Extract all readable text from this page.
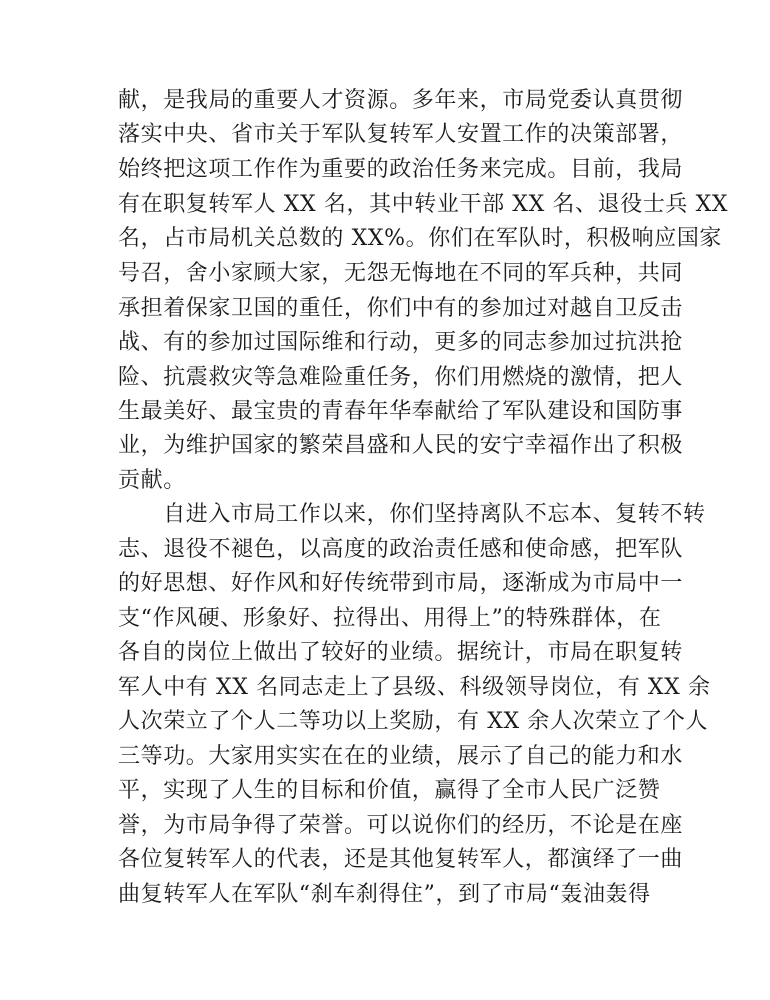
献，是我局的重要人才资源。多年来，市局党委认真贯彻
落实中央、省市关于军队复转军人安置工作的决策部署，
始终把这项工作作为重要的政治任务来完成。目前，我局
有在职复转军人 XX 名，其中转业干部 XX 名、退役士兵 XX
名，占市局机关总数的 XX%。你们在军队时，积极响应国家
号召，舍小家顾大家，无怨无悔地在不同的军兵种，共同
承担着保家卫国的重任，你们中有的参加过对越自卫反击
战、有的参加过国际维和行动，更多的同志参加过抗洪抢
险、抗震救灾等急难险重任务，你们用燃烧的激情，把人
生最美好、最宝贵的青春年华奉献给了军队建设和国防事
业，为维护国家的繁荣昌盛和人民的安宁幸福作出了积极
贡献。
　　自进入市局工作以来，你们坚持离队不忘本、复转不转
志、退役不褪色，以高度的政治责任感和使命感，把军队
的好思想、好作风和好传统带到市局，逐渐成为市局中一
支“作风硬、形象好、拉得出、用得上”的特殊群体，在
各自的岗位上做出了较好的业绩。据统计，市局在职复转
军人中有 XX 名同志走上了县级、科级领导岗位，有 XX 余
人次荣立了个人二等功以上奖励，有 XX 余人次荣立了个人
三等功。大家用实实在在的业绩，展示了自己的能力和水
平，实现了人生的目标和价值，赢得了全市人民广泛赞
誉，为市局争得了荣誉。可以说你们的经历，不论是在座
各位复转军人的代表，还是其他复转军人，都演绎了一曲
曲复转军人在军队“刹车刹得住”，到了市局“轰油轰得
